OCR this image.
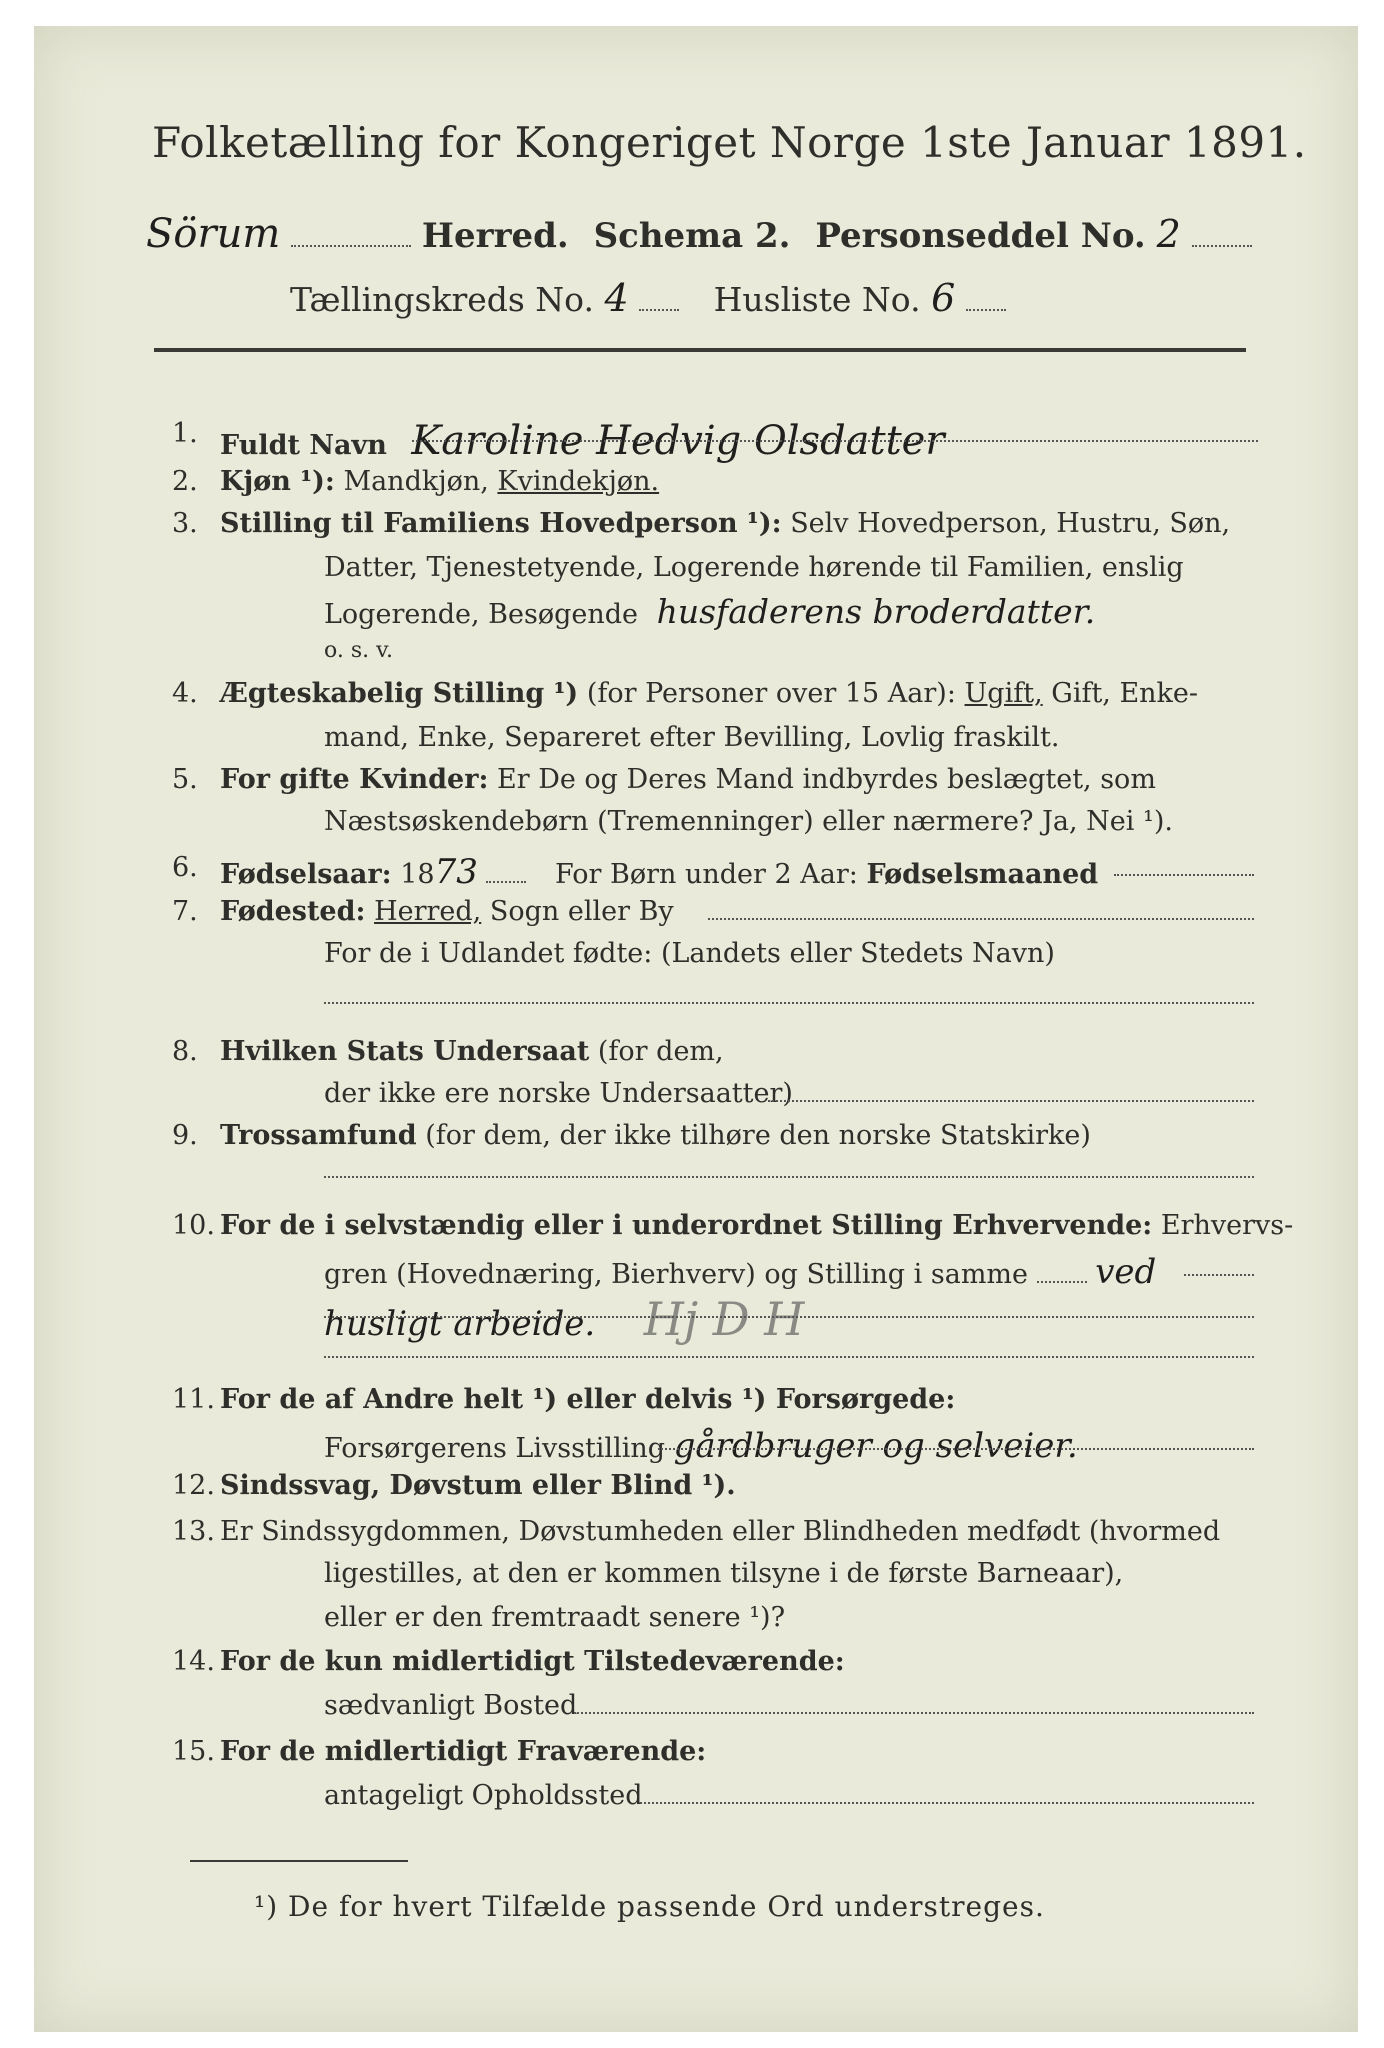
Folketælling for Kongeriget Norge 1ste Januar 1891.
Sörum	Herred. Schema 2. Personseddel No. 2
Tællingskreds No. 4	Husliste No. 6
1. Fuldt Navn Karoline Hedvig Olsdatter
2. Kjøn ¹): Mandkjøn, Kvindekjøn.
3. Stilling til Familiens Hovedperson ¹): Selv Hovedperson, Hustru, Søn,
Datter, Tjenestetyende, Logerende hørende til Familien, enslig
Logerende, Besøgende husfaderens broderdatter.
o. s. v.
4. Ægteskabelig Stilling ¹) (for Personer over 15 Aar): Ugift, Gift, Enke-
mand, Enke, Separeret efter Bevilling, Lovlig fraskilt.
5. For gifte Kvinder: Er De og Deres Mand indbyrdes beslægtet, som
Næstsøskendebørn (Tremenninger) eller nærmere? Ja, Nei ¹).
6. Fødselsaar: 1873	For Børn under 2 Aar: Fødselsmaaned
7. Fødested: Herred, Sogn eller By
For de i Udlandet fødte: (Landets eller Stedets Navn)
8. Hvilken Stats Undersaat (for dem,
der ikke ere norske Undersaatter)
9. Trossamfund (for dem, der ikke tilhøre den norske Statskirke)
10. For de i selvstændig eller i underordnet Stilling Erhvervende: Erhvervs-
gren (Hovednæring, Bierhverv) og Stilling i samme ved
husligt arbeide. Hj D H
11. For de af Andre helt ¹) eller delvis ¹) Forsørgede:
Forsørgerens Livsstilling gårdbruger og selveier.
12. Sindssvag, Døvstum eller Blind ¹).
13. Er Sindssygdommen, Døvstumheden eller Blindheden medfødt (hvormed
ligestilles, at den er kommen tilsyne i de første Barneaar),
eller er den fremtraadt senere ¹)?
14. For de kun midlertidigt Tilstedeværende:
sædvanligt Bosted
15. For de midlertidigt Fraværende:
antageligt Opholdssted
¹) De for hvert Tilfælde passende Ord understreges.
